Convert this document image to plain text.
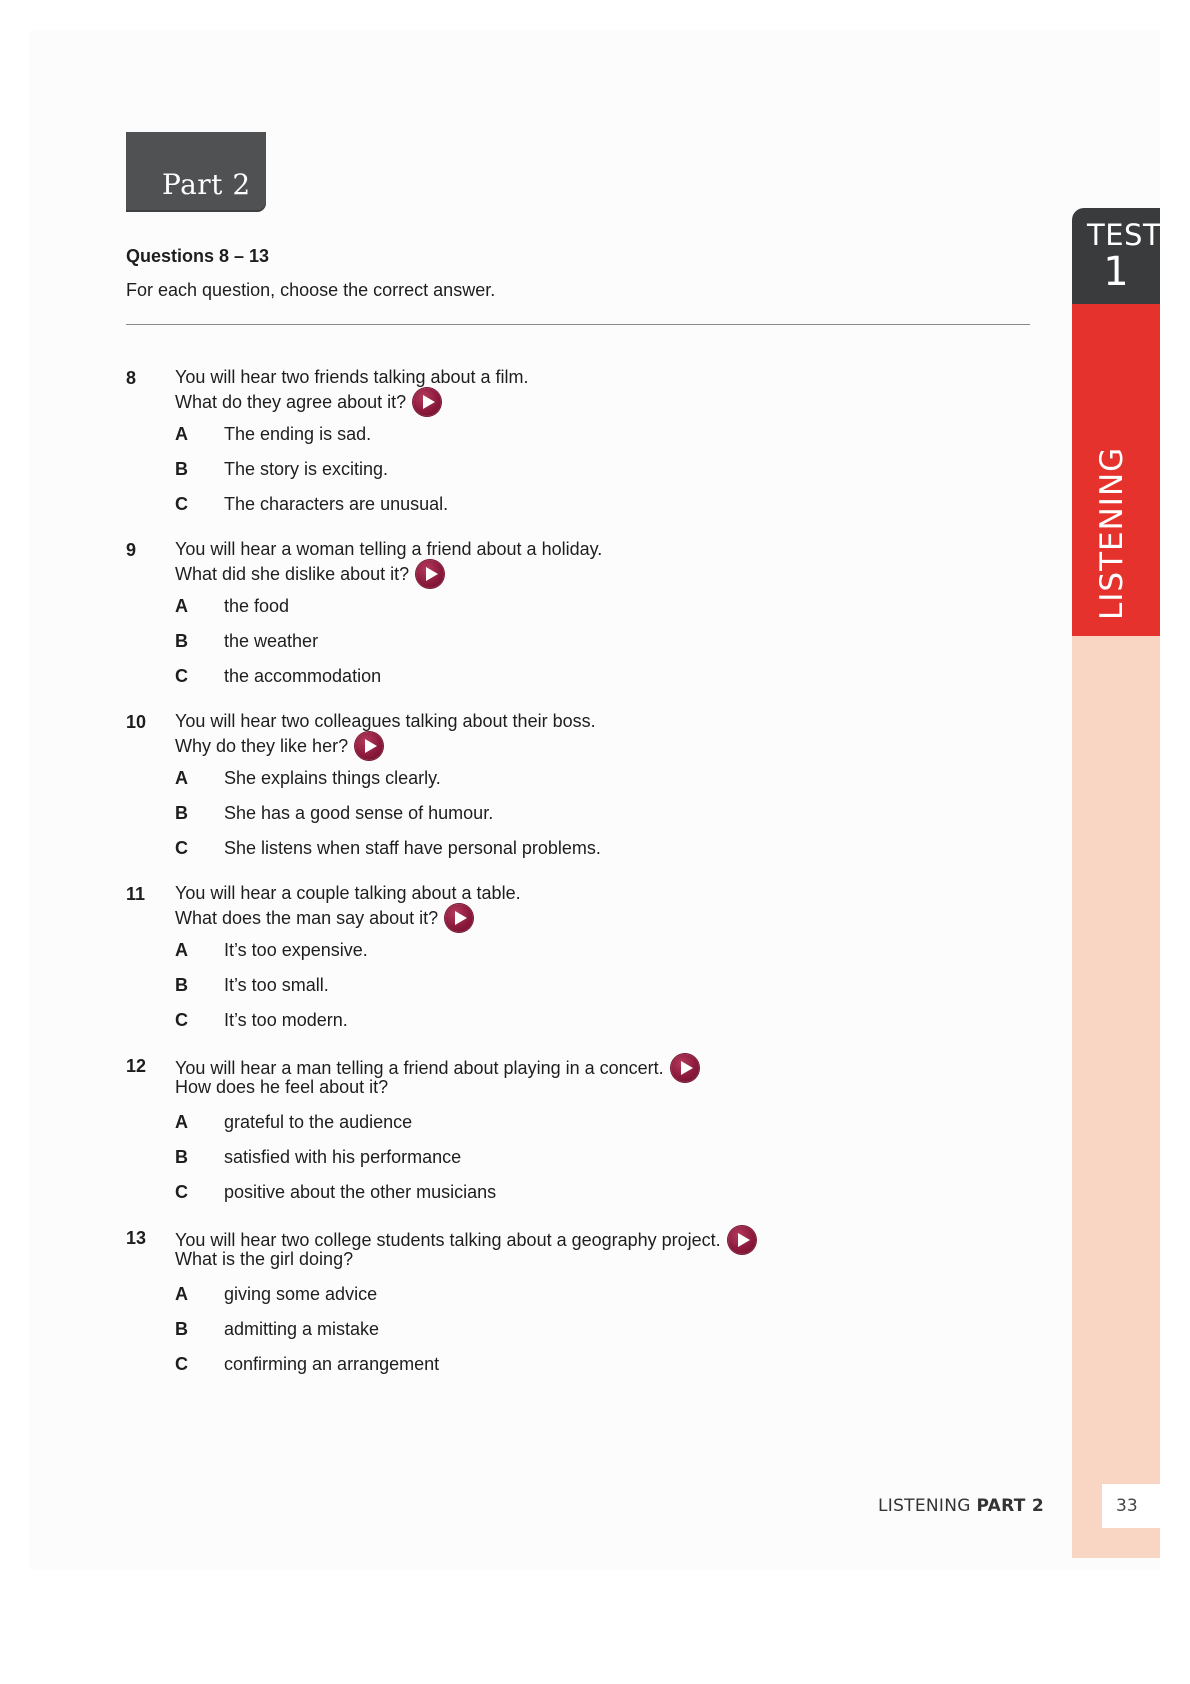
Part 2
Questions 8 – 13
For each question, choose the correct answer.
8 You will hear two friends talking about a film.
What do they agree about it?
A The ending is sad.
B The story is exciting.
C The characters are unusual.
9 You will hear a woman telling a friend about a holiday.
What did she dislike about it?
A the food
B the weather
C the accommodation
10 You will hear two colleagues talking about their boss.
Why do they like her?
A She explains things clearly.
B She has a good sense of humour.
C She listens when staff have personal problems.
11 You will hear a couple talking about a table.
What does the man say about it?
A It’s too expensive.
B It’s too small.
C It’s too modern.
12 You will hear a man telling a friend about playing in a concert.
How does he feel about it?
A grateful to the audience
B satisfied with his performance
C positive about the other musicians
13 You will hear two college students talking about a geography project.
What is the girl doing?
A giving some advice
B admitting a mistake
C confirming an arrangement
TEST
1
LISTENING
LISTENING PART 2	33
